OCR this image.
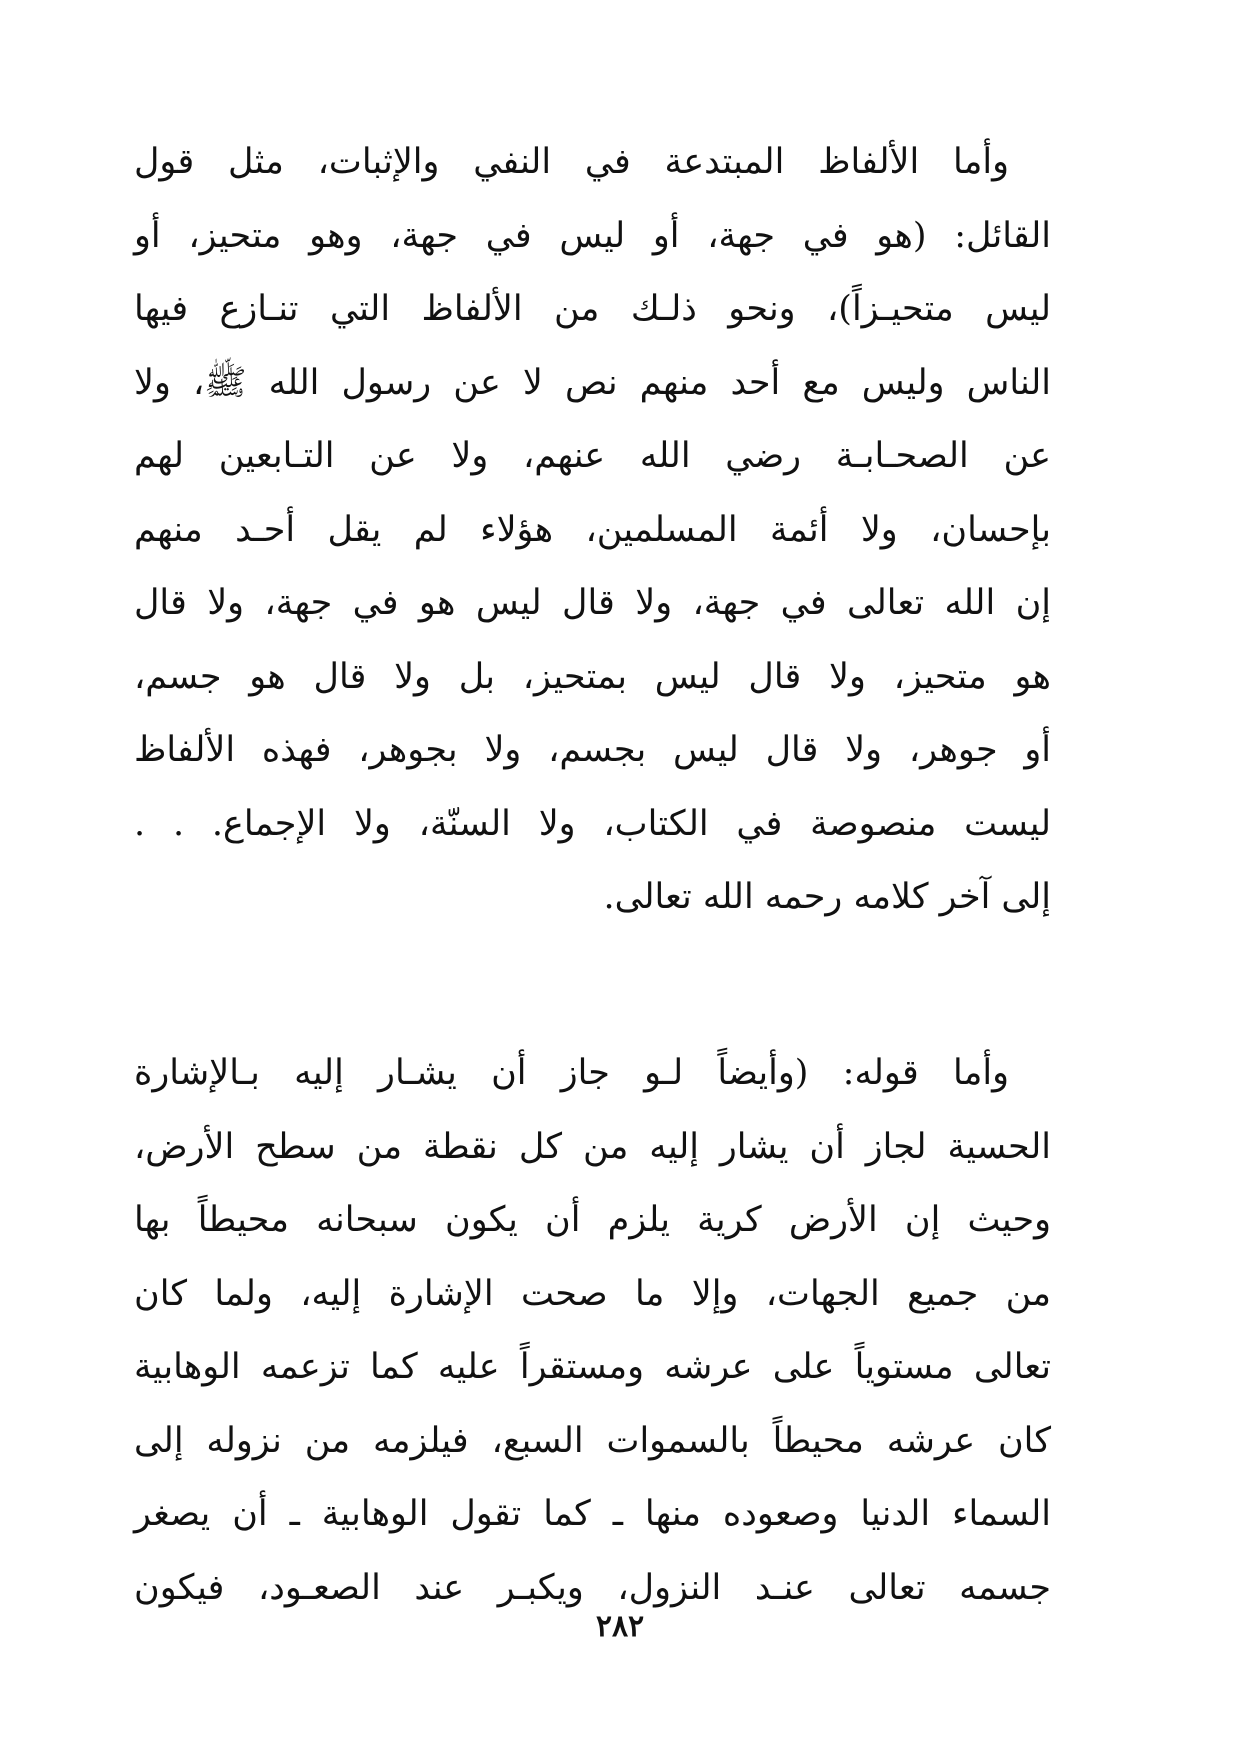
وأما الألفاظ المبتدعة في النفي والإثبات، مثل قول
القائل: (هو في جهة، أو ليس في جهة، وهو متحيز، أو
ليس متحيـزاً)، ونحو ذلـك من الألفاظ التي تنـازع فيها
الناس وليس مع أحد منهم نص لا عن رسول الله ﷺ، ولا
عن الصحـابـة رضي الله عنهم، ولا عن التـابعين لهم
بإحسان، ولا أئمة المسلمين، هؤلاء لم يقل أحـد منهم
إن الله تعالى في جهة، ولا قال ليس هو في جهة، ولا قال
هو متحيز، ولا قال ليس بمتحيز، بل ولا قال هو جسم،
أو جوهر، ولا قال ليس بجسم، ولا بجوهر، فهذه الألفاظ
ليست منصوصة في الكتاب، ولا السنّة، ولا الإجماع. . .
إلى آخر كلامه رحمه الله تعالى.
وأما قوله: (وأيضاً لـو جاز أن يشـار إليه بـالإشارة
الحسية لجاز أن يشار إليه من كل نقطة من سطح الأرض،
وحيث إن الأرض كرية يلزم أن يكون سبحانه محيطاً بها
من جميع الجهات، وإلا ما صحت الإشارة إليه، ولما كان
تعالى مستوياً على عرشه ومستقراً عليه كما تزعمه الوهابية
كان عرشه محيطاً بالسموات السبع، فيلزمه من نزوله إلى
السماء الدنيا وصعوده منها ـ كما تقول الوهابية ـ أن يصغر
جسمه تعالى عنـد النزول، ويكبـر عند الصعـود، فيكون
٢٨٢
